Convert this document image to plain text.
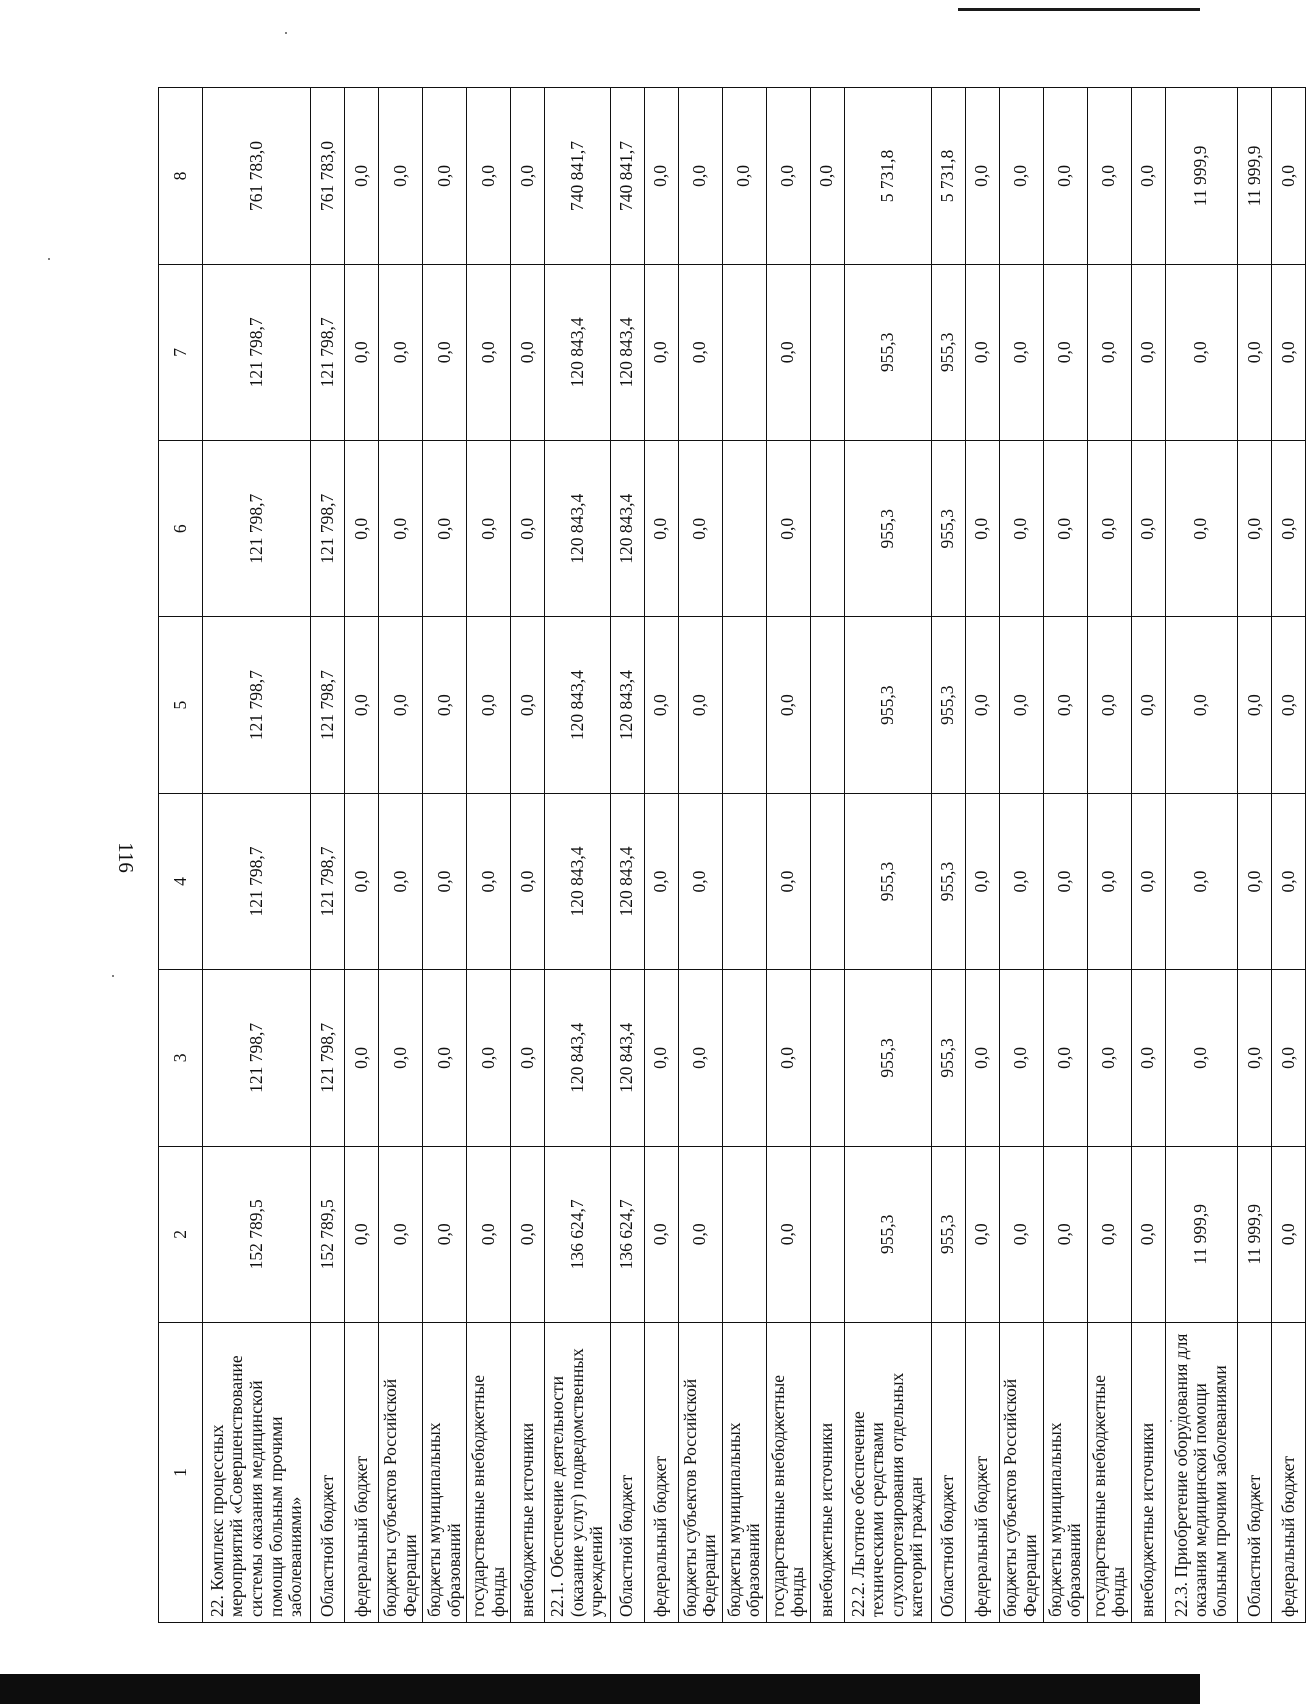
116
1	2	3	4	5	6	7	8
22. Комплекс процессных мероприятий «Совершенствование системы оказания медицинской помощи больным прочими заболеваниями»	152 789,5	121 798,7	121 798,7	121 798,7	121 798,7	121 798,7	761 783,0
Областной бюджет	152 789,5	121 798,7	121 798,7	121 798,7	121 798,7	121 798,7	761 783,0
федеральный бюджет	0,0	0,0	0,0	0,0	0,0	0,0	0,0
бюджеты субъектов Российской Федерации	0,0	0,0	0,0	0,0	0,0	0,0	0,0
бюджеты муниципальных образований	0,0	0,0	0,0	0,0	0,0	0,0	0,0
государственные внебюджетные фонды	0,0	0,0	0,0	0,0	0,0	0,0	0,0
внебюджетные источники	0,0	0,0	0,0	0,0	0,0	0,0	0,0
22.1. Обеспечение деятельности (оказание услуг) подведомственных учреждений	136 624,7	120 843,4	120 843,4	120 843,4	120 843,4	120 843,4	740 841,7
Областной бюджет	136 624,7	120 843,4	120 843,4	120 843,4	120 843,4	120 843,4	740 841,7
федеральный бюджет	0,0	0,0	0,0	0,0	0,0	0,0	0,0
бюджеты субъектов Российской Федерации	0,0	0,0	0,0	0,0	0,0	0,0	0,0
бюджеты муниципальных образований							0,0
государственные внебюджетные фонды	0,0	0,0	0,0	0,0	0,0	0,0	0,0
внебюджетные источники							0,0
22.2. Льготное обеспечение техническими средствами слухопротезирования отдельных категорий граждан	955,3	955,3	955,3	955,3	955,3	955,3	5 731,8
Областной бюджет	955,3	955,3	955,3	955,3	955,3	955,3	5 731,8
федеральный бюджет	0,0	0,0	0,0	0,0	0,0	0,0	0,0
бюджеты субъектов Российской Федерации	0,0	0,0	0,0	0,0	0,0	0,0	0,0
бюджеты муниципальных образований	0,0	0,0	0,0	0,0	0,0	0,0	0,0
государственные внебюджетные фонды	0,0	0,0	0,0	0,0	0,0	0,0	0,0
внебюджетные источники	0,0	0,0	0,0	0,0	0,0	0,0	0,0
22.3. Приобретение оборудования для оказания медицинской помощи больным прочими заболеваниями	11 999,9	0,0	0,0	0,0	0,0	0,0	11 999,9
Областной бюджет	11 999,9	0,0	0,0	0,0	0,0	0,0	11 999,9
федеральный бюджет	0,0	0,0	0,0	0,0	0,0	0,0	0,0
